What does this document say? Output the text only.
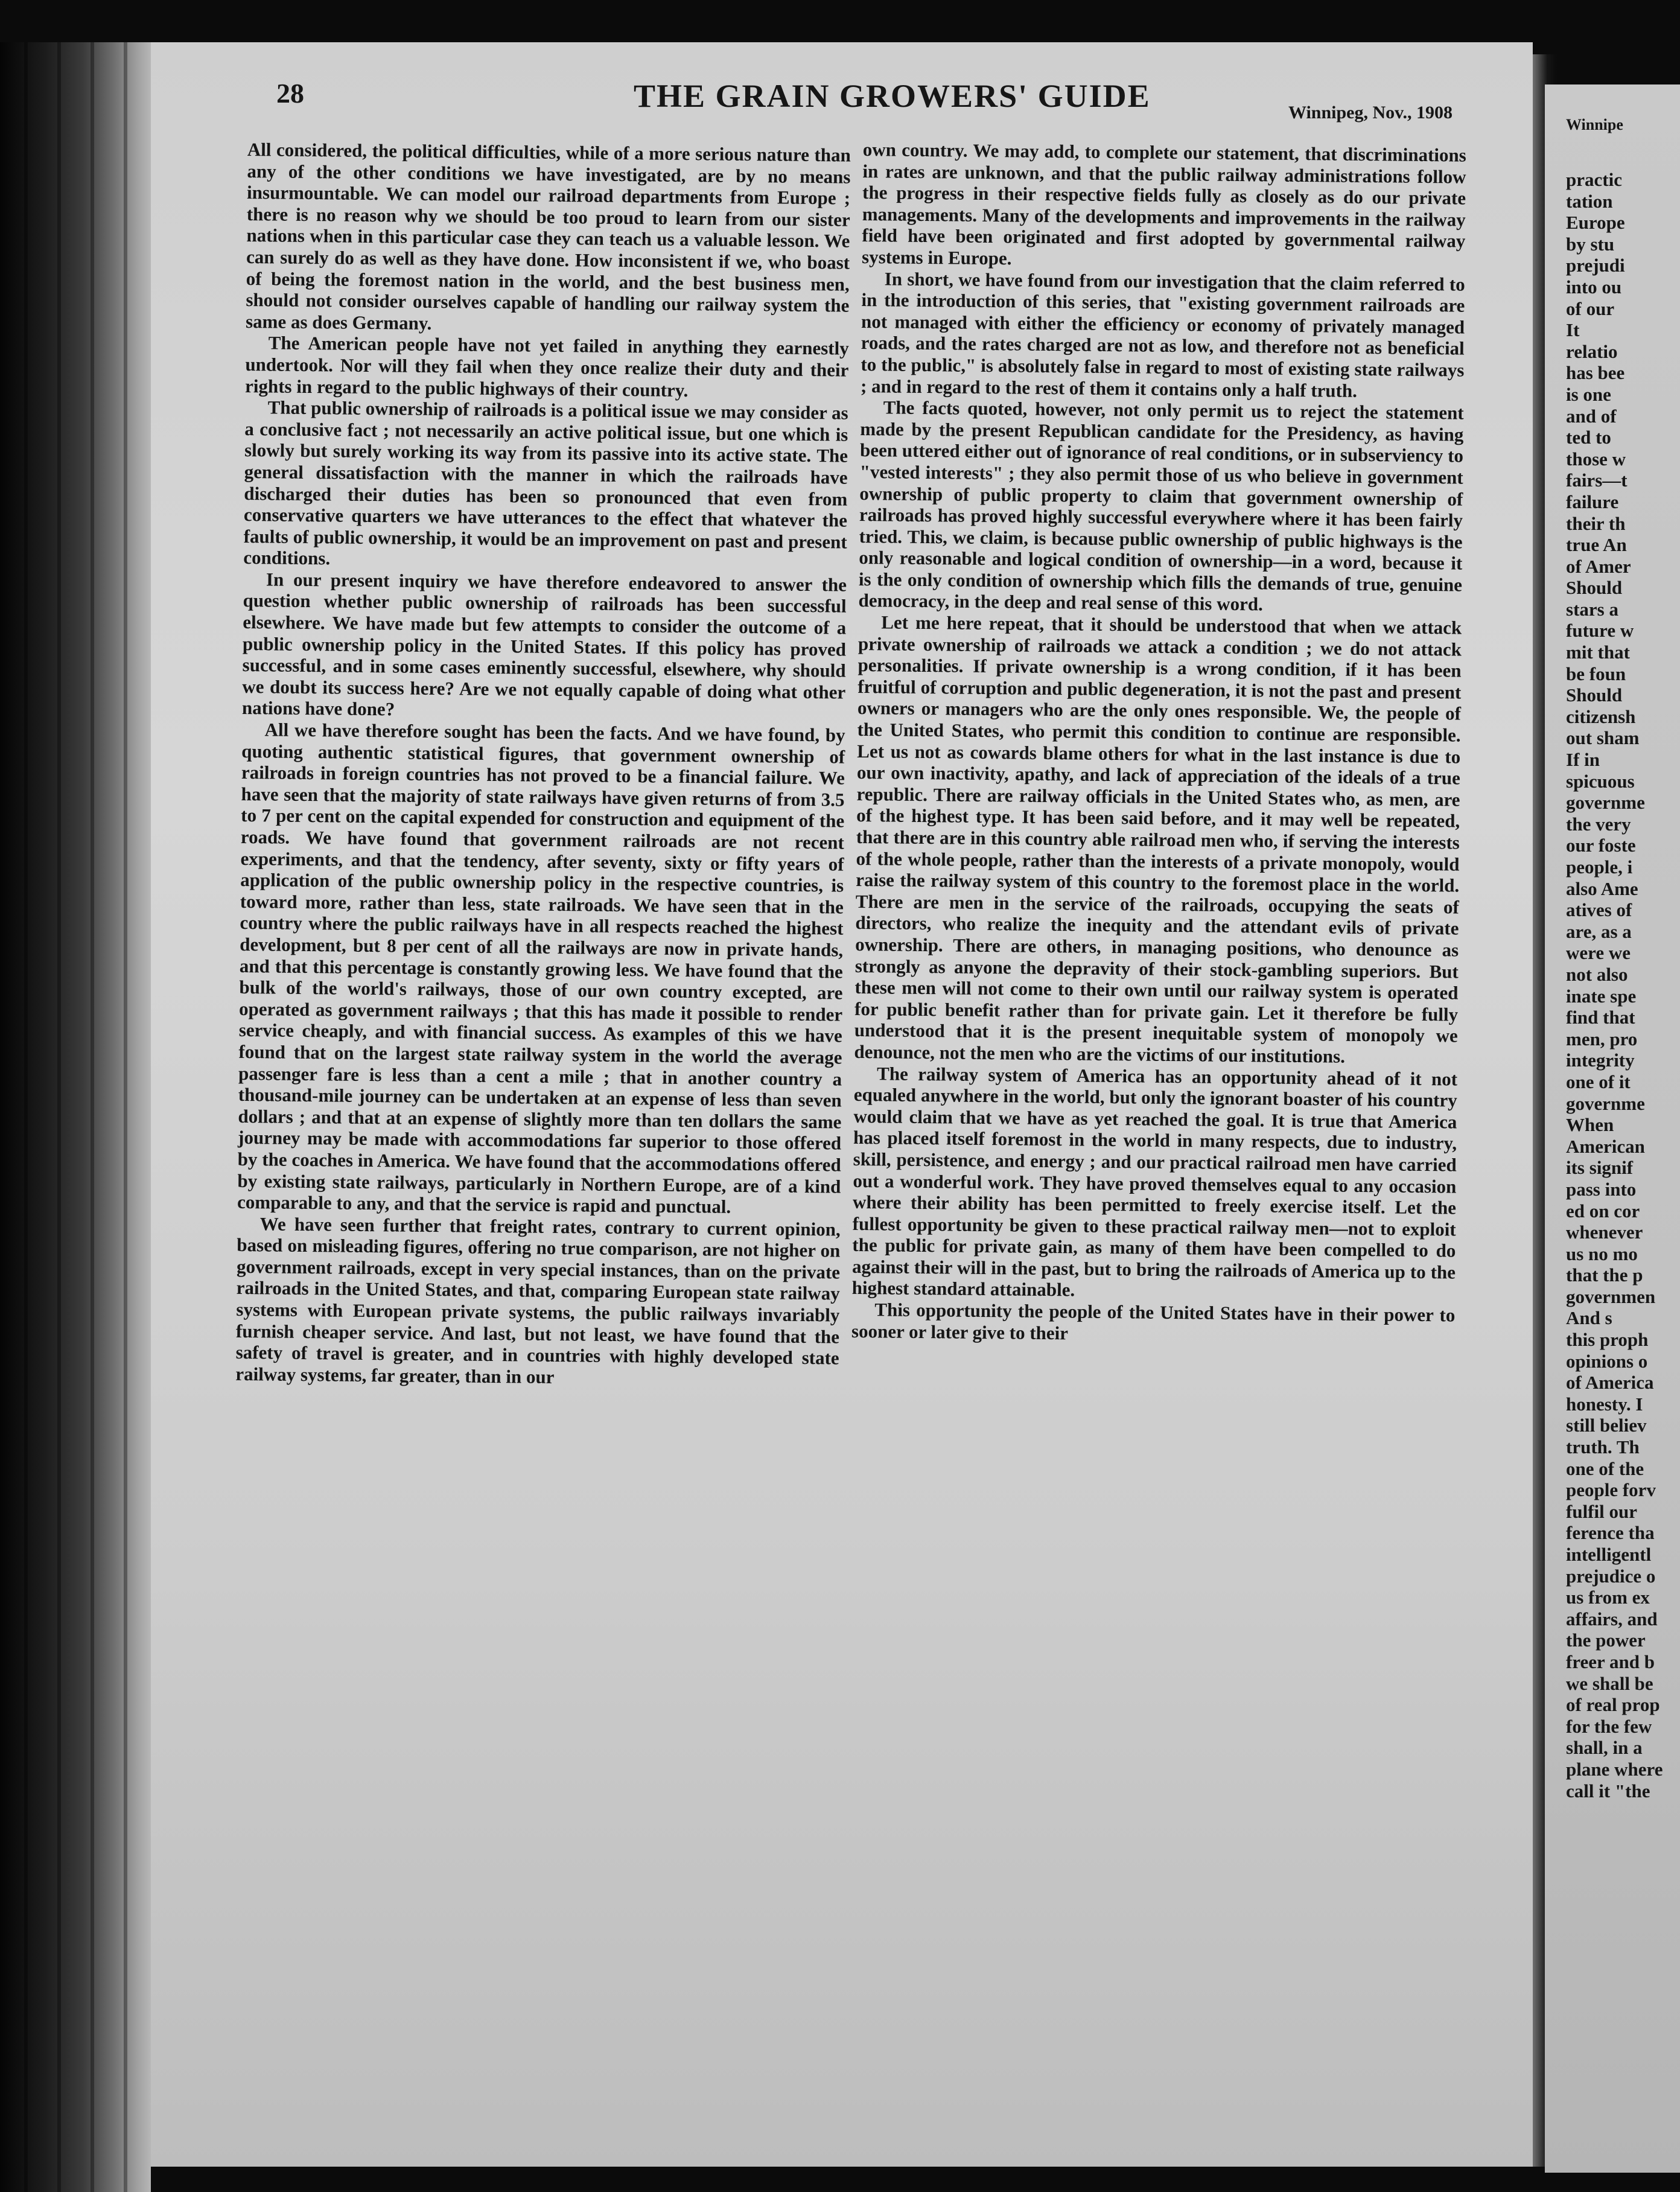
28	THE GRAIN GROWERS' GUIDE	Winnipeg, Nov., 1908

All considered, the political difficulties, while of a more serious nature than any of the other conditions we have investigated, are by no means insurmountable. We can model our railroad departments from Europe ; there is no reason why we should be too proud to learn from our sister nations when in this particular case they can teach us a valuable lesson. We can surely do as well as they have done. How inconsistent if we, who boast of being the foremost nation in the world, and the best business men, should not consider ourselves capable of handling our railway system the same as does Germany.

The American people have not yet failed in anything they earnestly undertook. Nor will they fail when they once realize their duty and their rights in regard to the public highways of their country.

That public ownership of railroads is a political issue we may consider as a conclusive fact ; not necessarily an active political issue, but one which is slowly but surely working its way from its passive into its active state. The general dissatisfaction with the manner in which the railroads have discharged their duties has been so pronounced that even from conservative quarters we have utterances to the effect that whatever the faults of public ownership, it would be an improvement on past and present conditions.

In our present inquiry we have therefore endeavored to answer the question whether public ownership of railroads has been successful elsewhere. We have made but few attempts to consider the outcome of a public ownership policy in the United States. If this policy has proved successful, and in some cases eminently successful, elsewhere, why should we doubt its success here? Are we not equally capable of doing what other nations have done?

All we have therefore sought has been the facts. And we have found, by quoting authentic statistical figures, that government ownership of railroads in foreign countries has not proved to be a financial failure. We have seen that the majority of state railways have given returns of from 3.5 to 7 per cent on the capital expended for construction and equipment of the roads. We have found that government railroads are not recent experiments, and that the tendency, after seventy, sixty or fifty years of application of the public ownership policy in the respective countries, is toward more, rather than less, state railroads. We have seen that in the country where the public railways have in all respects reached the highest development, but 8 per cent of all the railways are now in private hands, and that this percentage is constantly growing less. We have found that the bulk of the world's railways, those of our own country excepted, are operated as government railways ; that this has made it possible to render service cheaply, and with financial success. As examples of this we have found that on the largest state railway system in the world the average passenger fare is less than a cent a mile ; that in another country a thousand-mile journey can be undertaken at an expense of less than seven dollars ; and that at an expense of slightly more than ten dollars the same journey may be made with accommodations far superior to those offered by the coaches in America. We have found that the accommodations offered by existing state railways, particularly in Northern Europe, are of a kind comparable to any, and that the service is rapid and punctual.

We have seen further that freight rates, contrary to current opinion, based on misleading figures, offering no true comparison, are not higher on government railroads, except in very special instances, than on the private railroads in the United States, and that, comparing European state railway systems with European private systems, the public railways invariably furnish cheaper service. And last, but not least, we have found that the safety of travel is greater, and in countries with highly developed state railway systems, far greater, than in our

own country. We may add, to complete our statement, that discriminations in rates are unknown, and that the public railway administrations follow the progress in their respective fields fully as closely as do our private managements. Many of the developments and improvements in the railway field have been originated and first adopted by governmental railway systems in Europe.

In short, we have found from our investigation that the claim referred to in the introduction of this series, that "existing government railroads are not managed with either the efficiency or economy of privately managed roads, and the rates charged are not as low, and therefore not as beneficial to the public," is absolutely false in regard to most of existing state railways ; and in regard to the rest of them it contains only a half truth.

The facts quoted, however, not only permit us to reject the statement made by the present Republican candidate for the Presidency, as having been uttered either out of ignorance of real conditions, or in subserviency to "vested interests" ; they also permit those of us who believe in government ownership of public property to claim that government ownership of railroads has proved highly successful everywhere where it has been fairly tried. This, we claim, is because public ownership of public highways is the only reasonable and logical condition of ownership—in a word, because it is the only condition of ownership which fills the demands of true, genuine democracy, in the deep and real sense of this word.

Let me here repeat, that it should be understood that when we attack private ownership of railroads we attack a condition ; we do not attack personalities. If private ownership is a wrong condition, if it has been fruitful of corruption and public degeneration, it is not the past and present owners or managers who are the only ones responsible. We, the people of the United States, who permit this condition to continue are responsible. Let us not as cowards blame others for what in the last instance is due to our own inactivity, apathy, and lack of appreciation of the ideals of a true republic. There are railway officials in the United States who, as men, are of the highest type. It has been said before, and it may well be repeated, that there are in this country able railroad men who, if serving the interests of the whole people, rather than the interests of a private monopoly, would raise the railway system of this country to the foremost place in the world. There are men in the service of the railroads, occupying the seats of directors, who realize the inequity and the attendant evils of private ownership. There are others, in managing positions, who denounce as strongly as anyone the depravity of their stock-gambling superiors. But these men will not come to their own until our railway system is operated for public benefit rather than for private gain. Let it therefore be fully understood that it is the present inequitable system of monopoly we denounce, not the men who are the victims of our institutions.

The railway system of America has an opportunity ahead of it not equaled anywhere in the world, but only the ignorant boaster of his country would claim that we have as yet reached the goal. It is true that America has placed itself foremost in the world in many respects, due to industry, skill, persistence, and energy ; and our practical railroad men have carried out a wonderful work. They have proved themselves equal to any occasion where their ability has been permitted to freely exercise itself. Let the fullest opportunity be given to these practical railway men—not to exploit the public for private gain, as many of them have been compelled to do against their will in the past, but to bring the railroads of America up to the highest standard attainable.

This opportunity the people of the United States have in their power to sooner or later give to their

Winnipe
practic
tation
Europe
by stu
prejudi
into ou
of our
It
relatio
has bee
is one
and of
ted to
those w
fairs—t
failure
their th
true An
of Amer
Should
stars a
future w
mit that
be foun
Should
citizensh
out sham
If in
spicuous
governme
the very
our foste
people, i
also Ame
atives of
are, as a
were we
not also
inate spe
find that
men, pro
integrity
one of it
governme
When
American
its signif
pass into
ed on cor
whenever
us no mo
that the p
governmen
And s
this proph
opinions o
of America
honesty. I
still believ
truth. Th
one of the
people forv
fulfil our
ference tha
intelligentl
prejudice o
us from ex
affairs, and
the power
freer and b
we shall be
of real prop
for the few
shall, in a
plane where
call it "the
